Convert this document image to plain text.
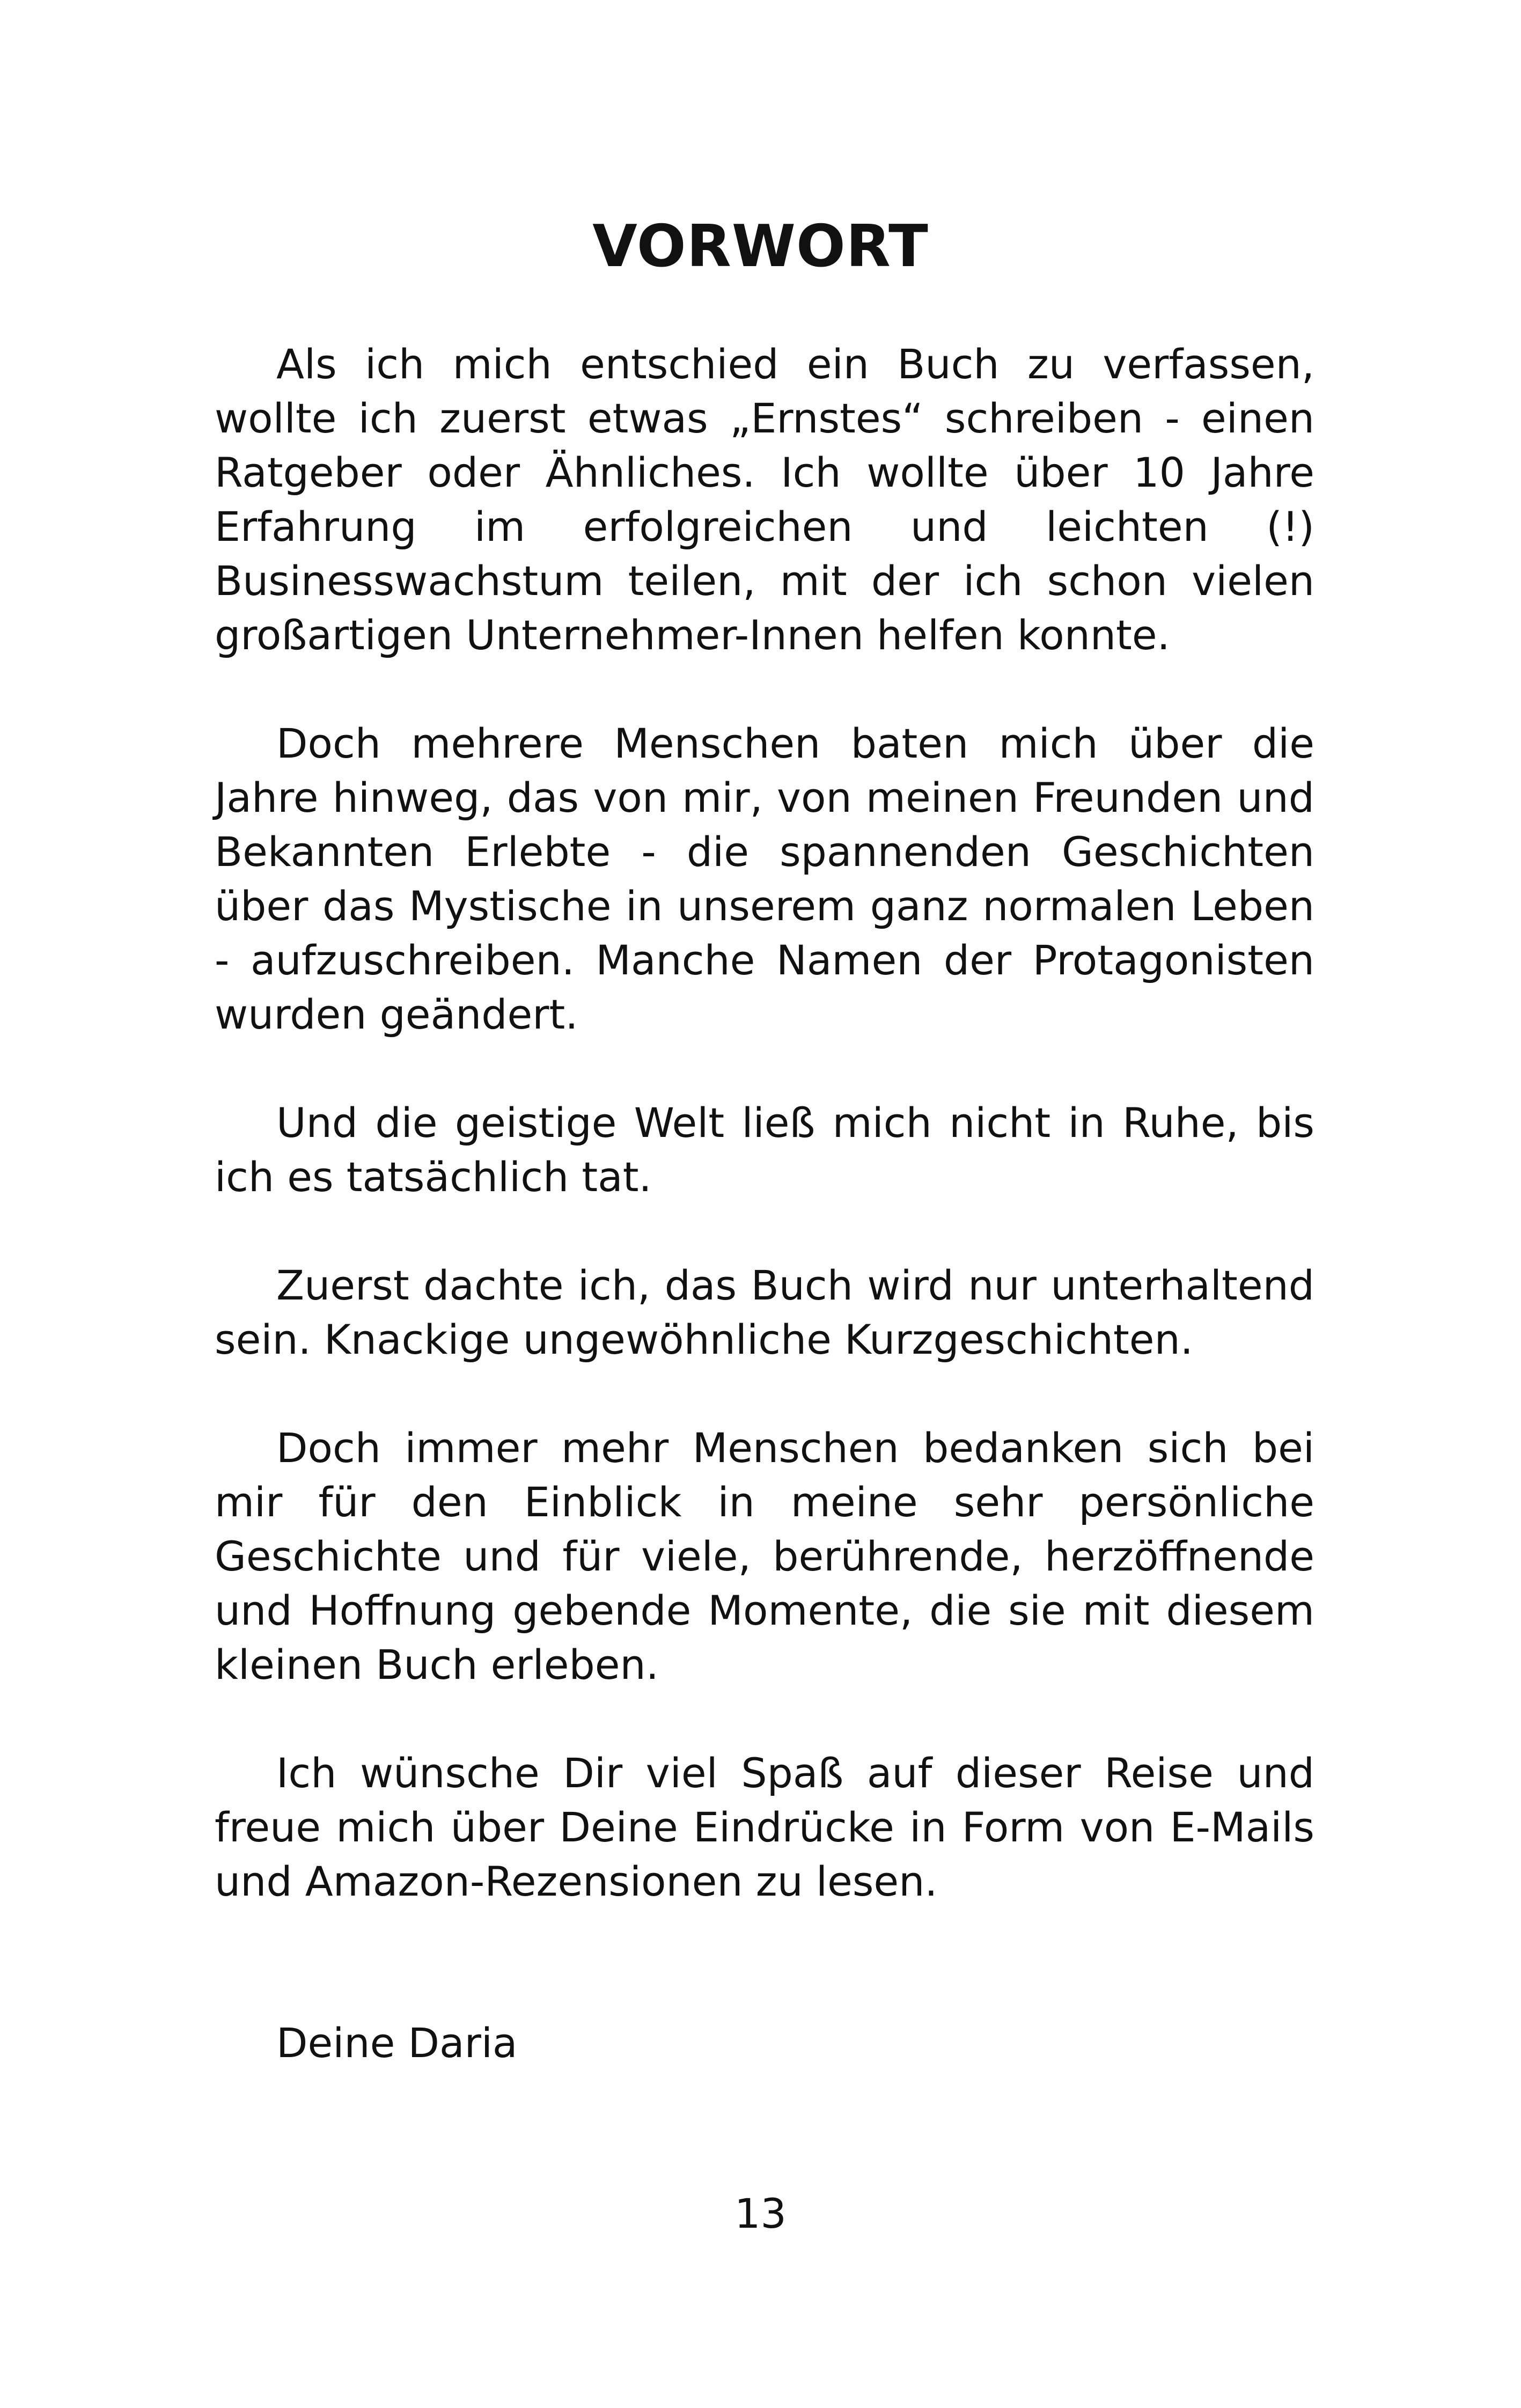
VORWORT

Als ich mich entschied ein Buch zu verfassen, wollte ich zuerst etwas „Ernstes“ schreiben - einen Ratgeber oder Ähnliches. Ich wollte über 10 Jahre Erfahrung im erfolgreichen und leichten (!) Businesswachstum teilen, mit der ich schon vielen großartigen Unternehmer-Innen helfen konnte.

Doch mehrere Menschen baten mich über die Jahre hinweg, das von mir, von meinen Freunden und Bekannten Erlebte - die spannenden Geschichten über das Mystische in unserem ganz normalen Leben - aufzuschreiben. Manche Namen der Protagonisten wurden geändert.

Und die geistige Welt ließ mich nicht in Ruhe, bis ich es tatsächlich tat.

Zuerst dachte ich, das Buch wird nur unterhaltend sein. Knackige ungewöhnliche Kurzgeschichten.

Doch immer mehr Menschen bedanken sich bei mir für den Einblick in meine sehr persönliche Geschichte und für viele, berührende, herzöffnende und Hoffnung gebende Momente, die sie mit diesem kleinen Buch erleben.

Ich wünsche Dir viel Spaß auf dieser Reise und freue mich über Deine Eindrücke in Form von E-Mails und Amazon-Rezensionen zu lesen.

Deine Daria

13
